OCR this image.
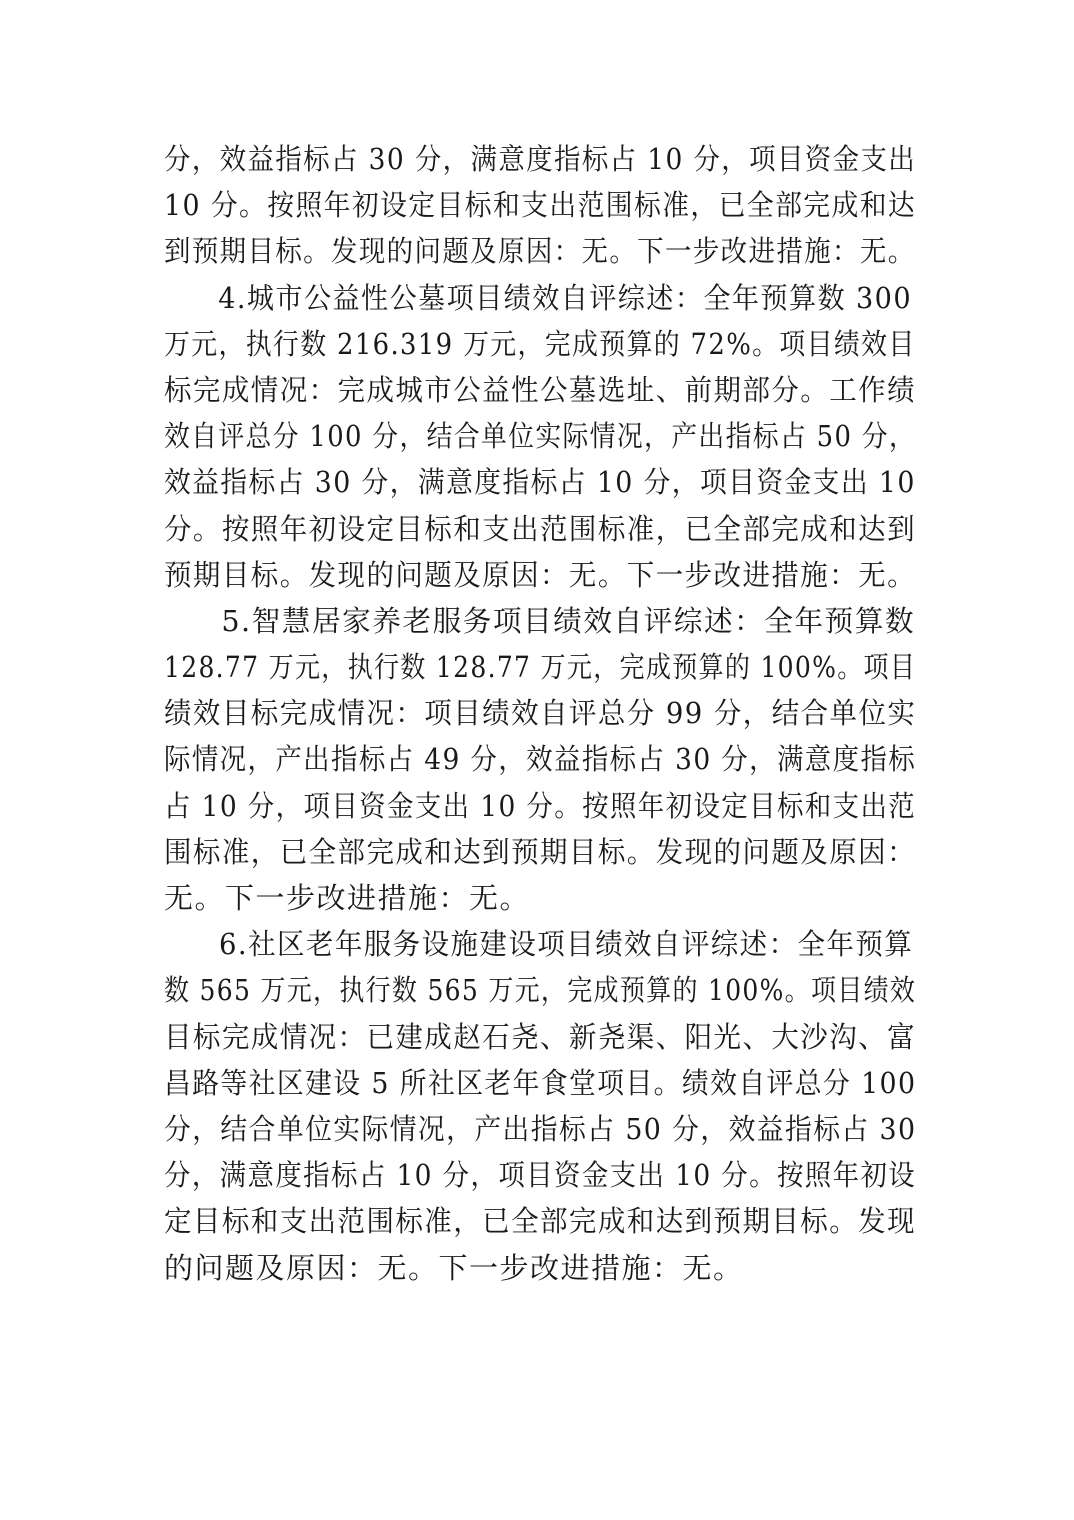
分，效益指标占 30 分，满意度指标占 10 分，项目资金支出
10 分。按照年初设定目标和支出范围标准，已全部完成和达
到预期目标。发现的问题及原因：无。下一步改进措施：无。
4.城市公益性公墓项目绩效自评综述：全年预算数 300
万元，执行数 216.319 万元，完成预算的 72%。项目绩效目
标完成情况：完成城市公益性公墓选址、前期部分。工作绩
效自评总分 100 分，结合单位实际情况，产出指标占 50 分，
效益指标占 30 分，满意度指标占 10 分，项目资金支出 10
分。按照年初设定目标和支出范围标准，已全部完成和达到
预期目标。发现的问题及原因：无。下一步改进措施：无。
5.智慧居家养老服务项目绩效自评综述：全年预算数
128.77 万元，执行数 128.77 万元，完成预算的 100%。项目
绩效目标完成情况：项目绩效自评总分 99 分，结合单位实
际情况，产出指标占 49 分，效益指标占 30 分，满意度指标
占 10 分，项目资金支出 10 分。按照年初设定目标和支出范
围标准，已全部完成和达到预期目标。发现的问题及原因：
无。下一步改进措施：无。
6.社区老年服务设施建设项目绩效自评综述：全年预算
数 565 万元，执行数 565 万元，完成预算的 100%。项目绩效
目标完成情况：已建成赵石尧、新尧渠、阳光、大沙沟、富
昌路等社区建设 5 所社区老年食堂项目。绩效自评总分 100
分，结合单位实际情况，产出指标占 50 分，效益指标占 30
分，满意度指标占 10 分，项目资金支出 10 分。按照年初设
定目标和支出范围标准，已全部完成和达到预期目标。发现
的问题及原因：无。下一步改进措施：无。
